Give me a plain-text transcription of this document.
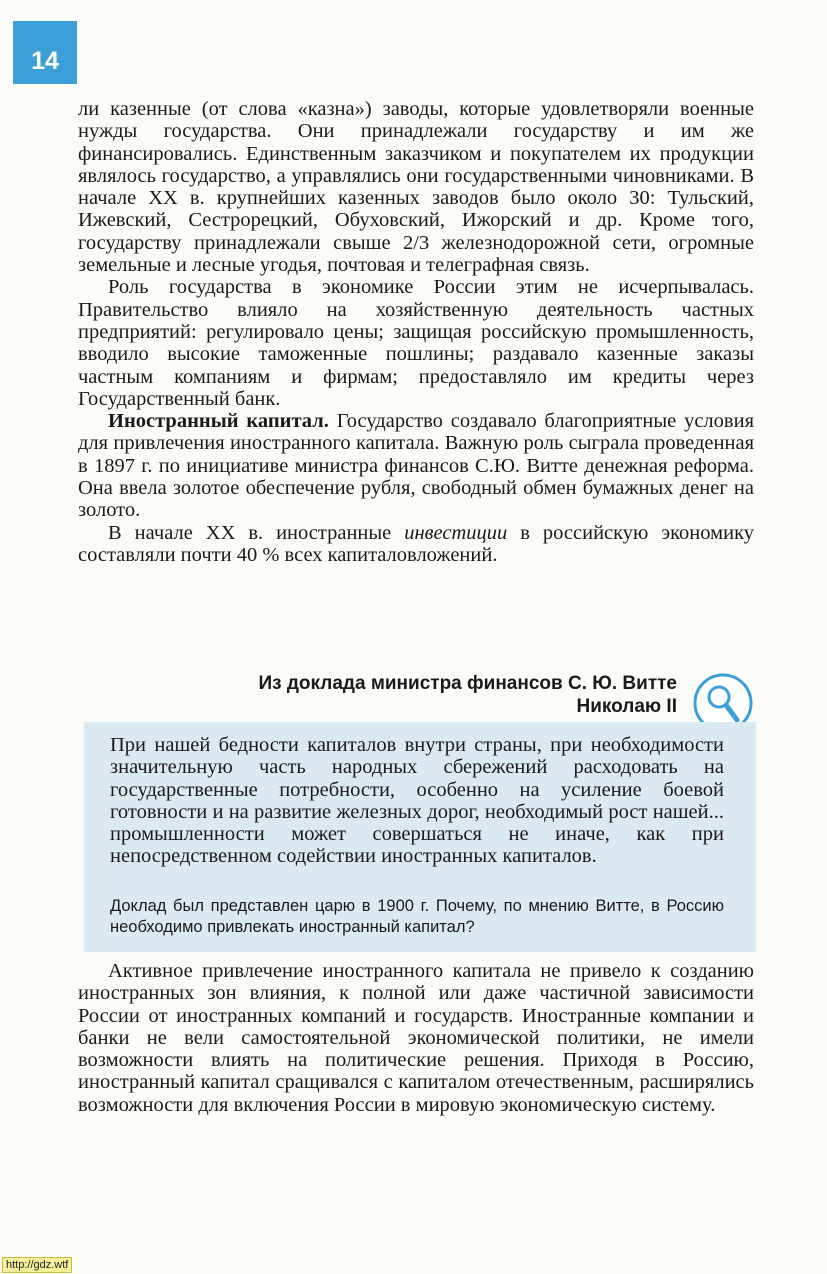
14

ли казенные (от слова «казна») заводы, которые удовлетворяли военные нужды государства. Они принадлежали государству и им же финансировались. Единственным заказчиком и покупателем их продукции являлось государство, а управлялись они государственными чиновниками. В начале XX в. крупнейших казенных заводов было около 30: Тульский, Ижевский, Сестрорецкий, Обуховский, Ижорский и др. Кроме того, государству принадлежали свыше 2/3 железнодорожной сети, огромные земельные и лесные угодья, почтовая и телеграфная связь.

Роль государства в экономике России этим не исчерпывалась. Правительство влияло на хозяйственную деятельность частных предприятий: регулировало цены; защищая российскую промышленность, вводило высокие таможенные пошлины; раздавало казенные заказы частным компаниям и фирмам; предоставляло им кредиты через Государственный банк.

Иностранный капитал. Государство создавало благоприятные условия для привлечения иностранного капитала. Важную роль сыграла проведенная в 1897 г. по инициативе министра финансов С.Ю. Витте денежная реформа. Она ввела золотое обеспечение рубля, свободный обмен бумажных денег на золото.

В начале XX в. иностранные инвестиции в российскую экономику составляли почти 40 % всех капиталовложений.

Из доклада министра финансов С. Ю. Витте
Николаю II
При нашей бедности капиталов внутри страны, при необходимости значительную часть народных сбережений расходовать на государственные потребности, особенно на усиление боевой готовности и на развитие железных дорог, необходимый рост нашей... промышленности может совершаться не иначе, как при непосредственном содействии иностранных капиталов.
Доклад был представлен царю в 1900 г. Почему, по мнению Витте, в Россию необходимо привлекать иностранный капитал?

Активное привлечение иностранного капитала не привело к созданию иностранных зон влияния, к полной или даже частичной зависимости России от иностранных компаний и государств. Иностранные компании и банки не вели самостоятельной экономической политики, не имели возможности влиять на политические решения. Приходя в Россию, иностранный капитал сращивался с капиталом отечественным, расширялись возможности для включения России в мировую экономическую систему.

http://gdz.wtf
